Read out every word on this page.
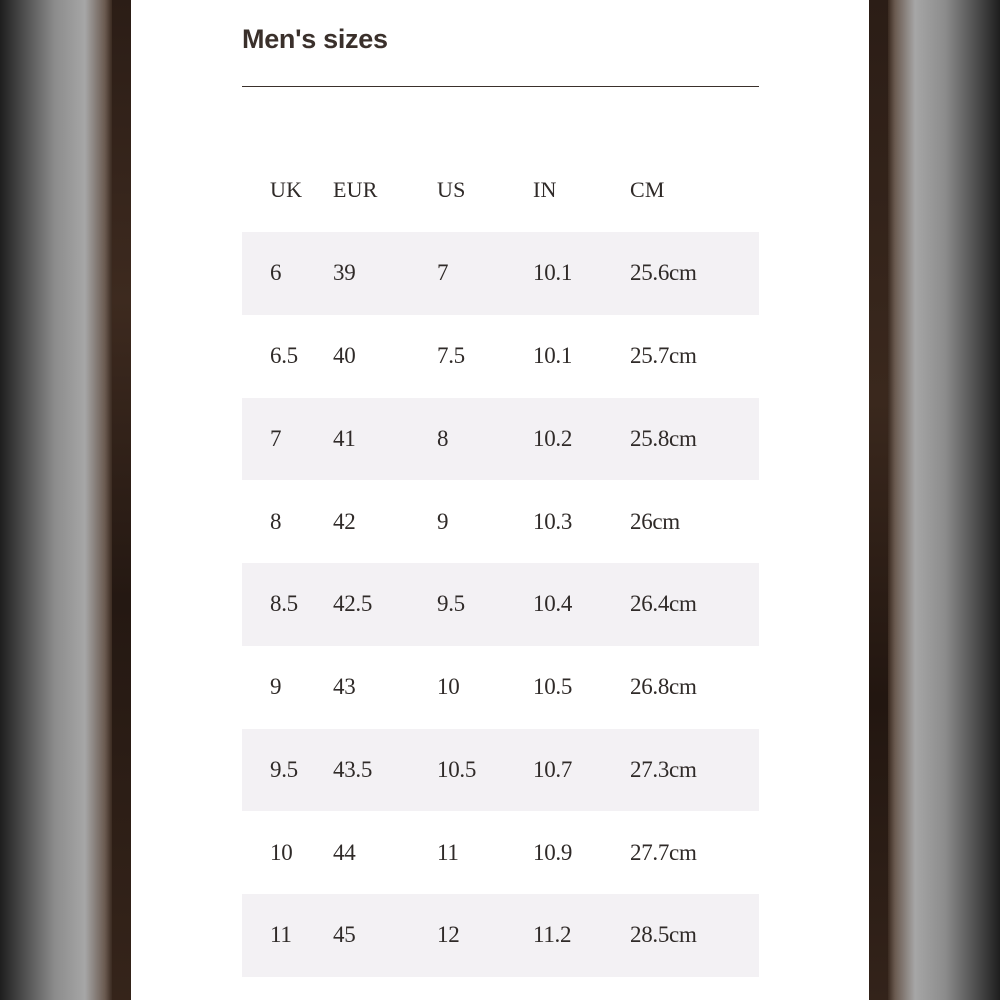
Men's sizes
UK	EUR	US	IN	CM
6	39	7	10.1	25.6cm
6.5	40	7.5	10.1	25.7cm
7	41	8	10.2	25.8cm
8	42	9	10.3	26cm
8.5	42.5	9.5	10.4	26.4cm
9	43	10	10.5	26.8cm
9.5	43.5	10.5	10.7	27.3cm
10	44	11	10.9	27.7cm
11	45	12	11.2	28.5cm
